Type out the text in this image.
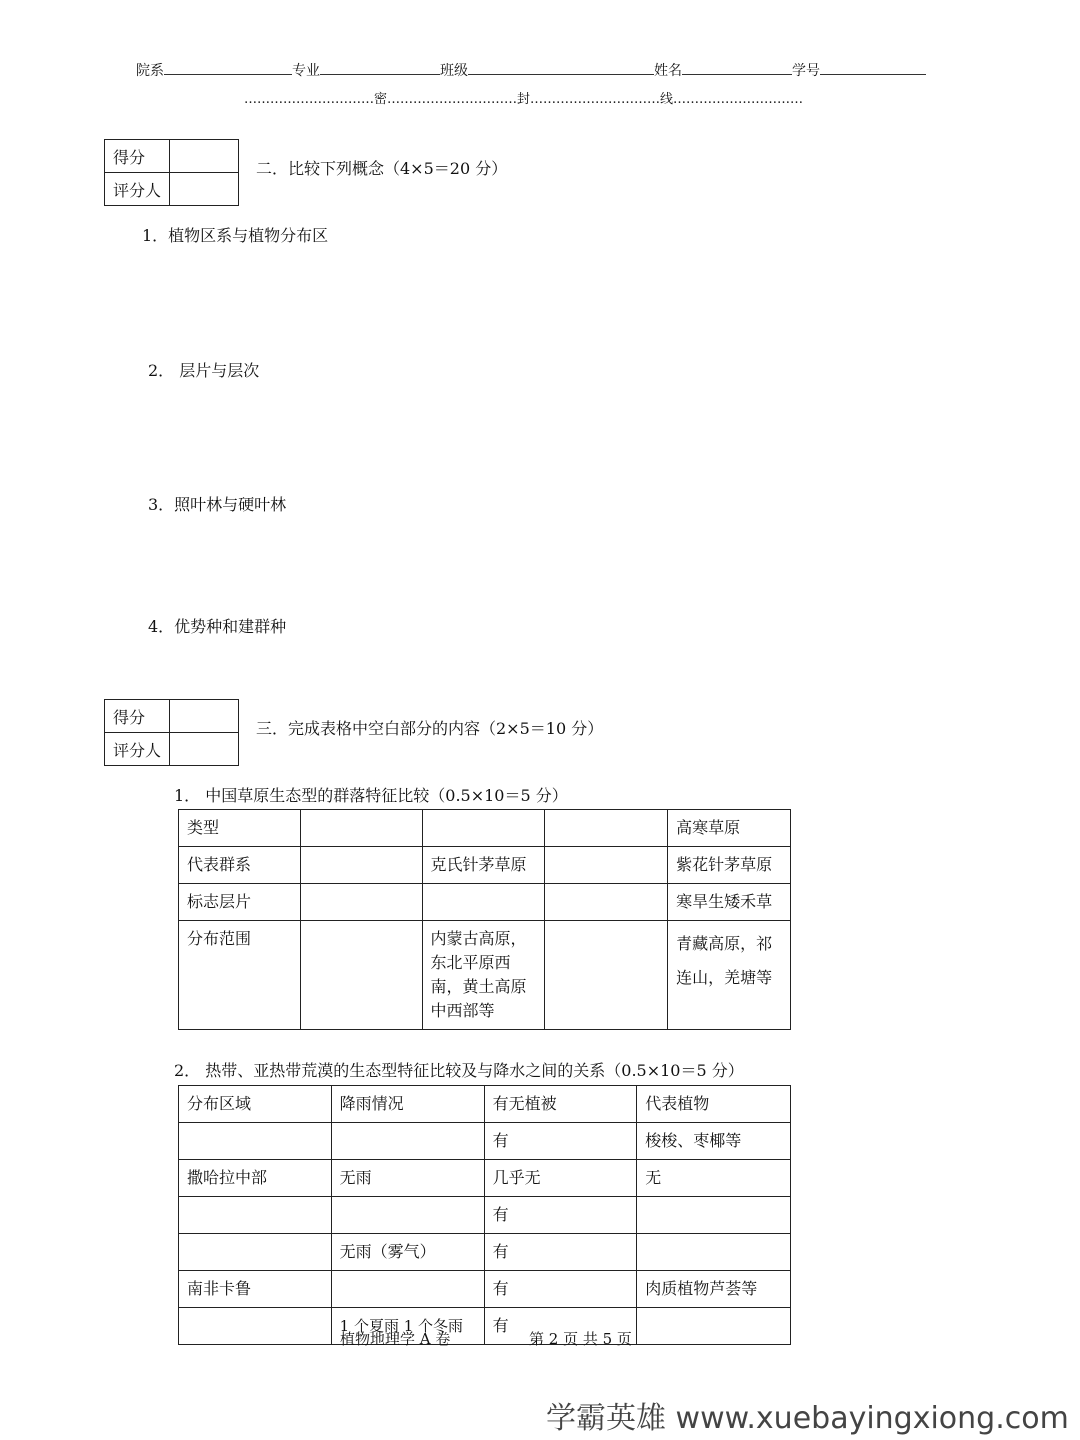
院系	专业	班级	姓名	学号
…………………………密…………………………封…………………………线…………………………
得分	
评分人	
二．比较下列概念（4×5＝20 分）
1．植物区系与植物分布区
2． 层片与层次
3．照叶林与硬叶林
4．优势种和建群种
得分	
评分人	
三．完成表格中空白部分的内容（2×5＝10 分）
1． 中国草原生态型的群落特征比较（0.5×10＝5 分）
类型				高寒草原
代表群系		克氏针茅草原		紫花针茅草原
标志层片				寒旱生矮禾草
分布范围		内蒙古高原，东北平原西南，黄土高原中西部等		青藏高原，祁连山，羌塘等
2． 热带、亚热带荒漠的生态型特征比较及与降水之间的关系（0.5×10＝5 分）
分布区域	降雨情况	有无植被	代表植物
		有	梭梭、枣椰等
撒哈拉中部	无雨	几乎无	无
		有	
	无雨（雾气）	有	
南非卡鲁		有	肉质植物芦荟等
	1 个夏雨 1 个冬雨	有	
植物地理学 A 卷	第 2 页 共 5 页
学霸英雄 www.xuebayingxiong.com
